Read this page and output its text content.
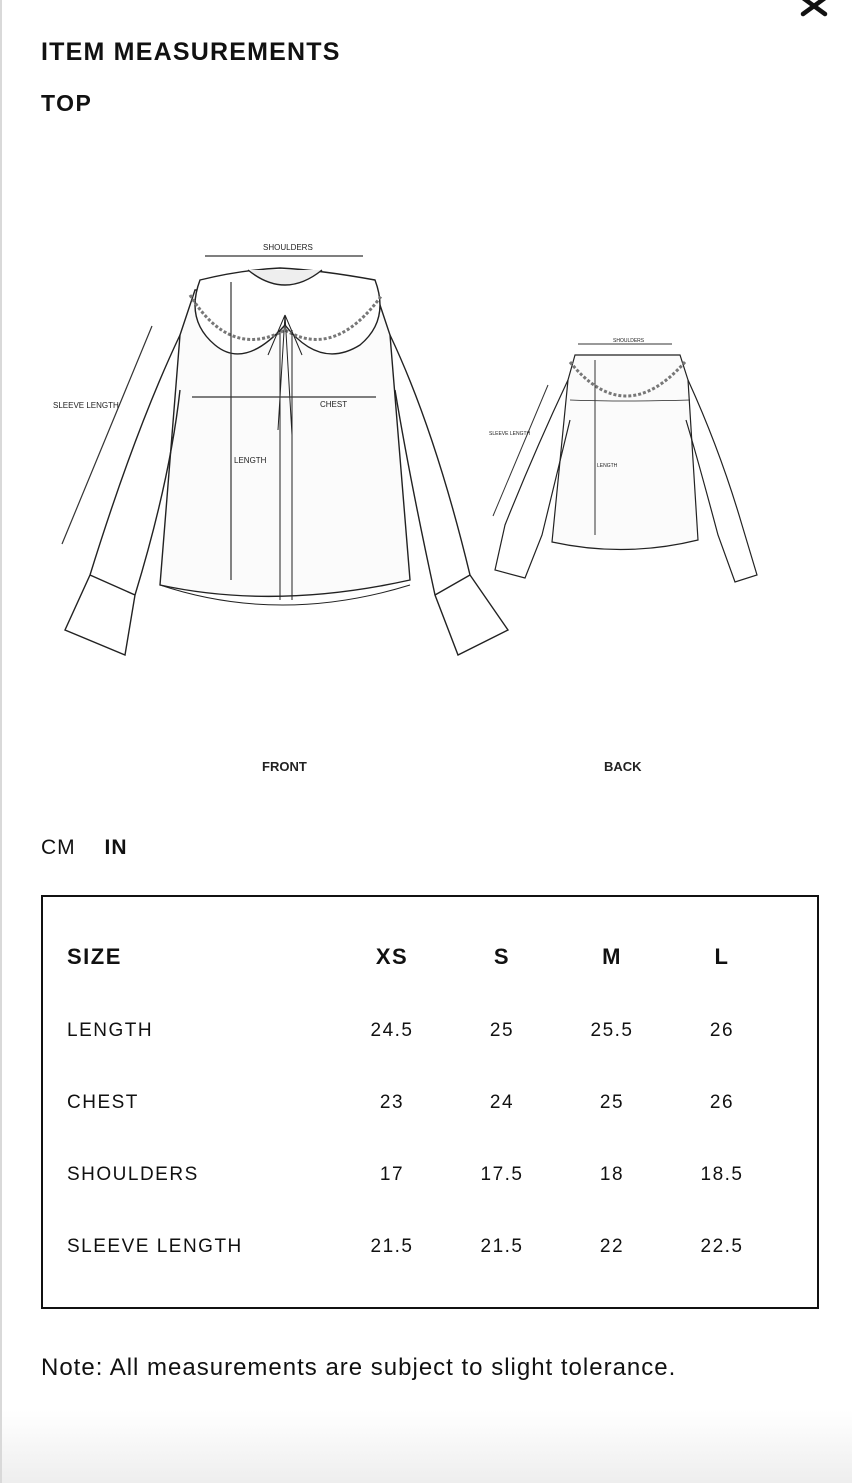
ITEM MEASUREMENTS
TOP
SHOULDERS
CHEST
LENGTH
SLEEVE LENGTH
SHOULDERS
LENGTH
SLEEVE LENGTH
FRONT	BACK
CM IN
SIZE	XS	S	M	L
LENGTH	24.5	25	25.5	26
CHEST	23	24	25	26
SHOULDERS	17	17.5	18	18.5
SLEEVE LENGTH	21.5	21.5	22	22.5
Note: All measurements are subject to slight tolerance.
